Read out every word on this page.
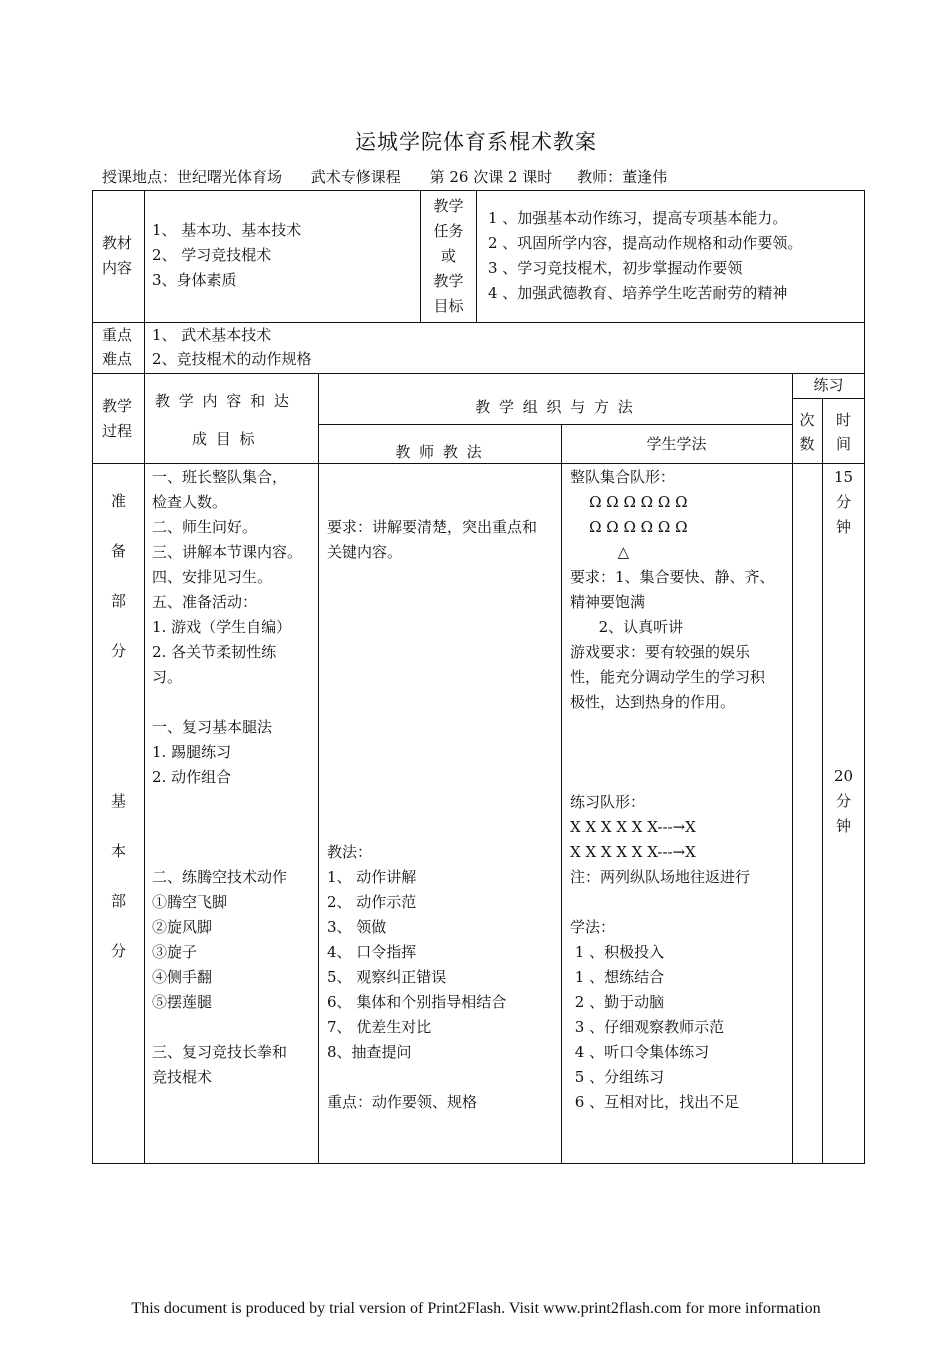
运城学院体育系棍术教案
授课地点：世纪曙光体育场 武术专修课程 第 26 次课 2 课时 教师：董逢伟
教材
内容
1、 基本功、基本技术
2、 学习竞技棍术
3、身体素质
教学
任务
或
教学
目标
1 、加强基本动作练习，提高专项基本能力。
2 、巩固所学内容，提高动作规格和动作要领。
3 、学习竞技棍术，初步掌握动作要领
4 、加强武德教育、培养学生吃苦耐劳的精神
重点
难点
1、 武术基本技术
2、竞技棍术的动作规格
教学
过程
教 学 内 容 和 达
成 目 标
教 学 组 织 与 方 法
教 师 教 法	学生学法
练习
次
数
时
间
准
备
部
分
基
本
部
分
一、班长整队集合，
检查人数。
二、师生问好。
三、讲解本节课内容。
四、安排见习生。
五、准备活动：
1. 游戏（学生自编）
2. 各关节柔韧性练
习。
一、复习基本腿法
1. 踢腿练习
2. 动作组合
二、练腾空技术动作
①腾空飞脚
②旋风脚
③旋子
④侧手翻
⑤摆莲腿
三、复习竞技长拳和
竞技棍术
要求：讲解要清楚，突出重点和
关键内容。
教法：
1、 动作讲解
2、 动作示范
3、 领做
4、 口令指挥
5、 观察纠正错误
6、 集体和个别指导相结合
7、 优差生对比
8、抽查提问
重点：动作要领、规格
整队集合队形：
Ω Ω Ω Ω Ω Ω
Ω Ω Ω Ω Ω Ω
△
要求：1、集合要快、静、齐、
精神要饱满
2、认真听讲
游戏要求：要有较强的娱乐
性，能充分调动学生的学习积
极性，达到热身的作用。
练习队形：
X X X X X X---→X
X X X X X X---→X
注：两列纵队场地往返进行
学法：
1 、积极投入
1 、想练结合
2 、勤于动脑
3 、仔细观察教师示范
4 、听口令集体练习
5 、分组练习
6 、互相对比，找出不足
15
分
钟
20
分
钟
This document is produced by trial version of Print2Flash. Visit www.print2flash.com for more information
